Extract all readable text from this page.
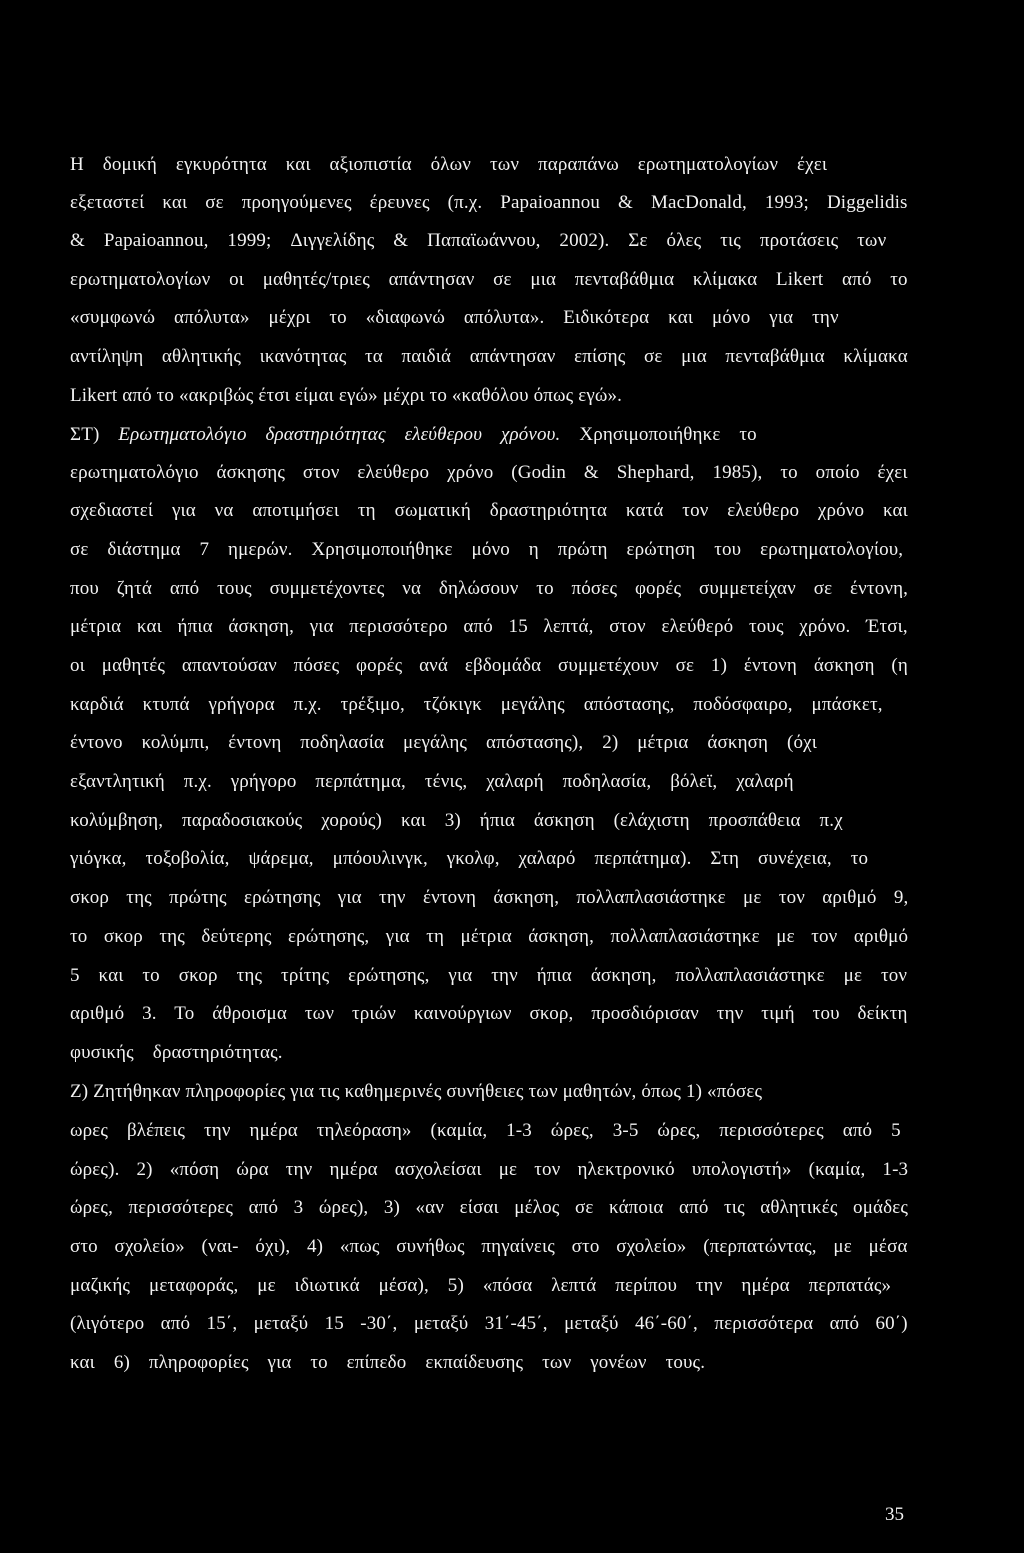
Η δομική εγκυρότητα και αξιοπιστία όλων των παραπάνω ερωτηματολογίων έχει
εξεταστεί και σε προηγούμενες έρευνες (π.χ. Papaioannou & MacDonald, 1993; Diggelidis
& Papaioannou, 1999; Διγγελίδης & Παπαϊωάννου, 2002). Σε όλες τις προτάσεις των
ερωτηματολογίων οι μαθητές/τριες απάντησαν σε μια πενταβάθμια κλίμακα Likert από το
«συμφωνώ απόλυτα» μέχρι το «διαφωνώ απόλυτα». Ειδικότερα και μόνο για την
αντίληψη αθλητικής ικανότητας τα παιδιά απάντησαν επίσης σε μια πενταβάθμια κλίμακα
Likert από το «ακριβώς έτσι είμαι εγώ» μέχρι το «καθόλου όπως εγώ».
ΣΤ) Ερωτηματολόγιο δραστηριότητας ελεύθερου χρόνου. Χρησιμοποιήθηκε το
ερωτηματολόγιο άσκησης στον ελεύθερο χρόνο (Godin & Shephard, 1985), το οποίο έχει
σχεδιαστεί για να αποτιμήσει τη σωματική δραστηριότητα κατά τον ελεύθερο χρόνο και
σε διάστημα 7 ημερών. Χρησιμοποιήθηκε μόνο η πρώτη ερώτηση του ερωτηματολογίου,
που ζητά από τους συμμετέχοντες να δηλώσουν το πόσες φορές συμμετείχαν σε έντονη,
μέτρια και ήπια άσκηση, για περισσότερο από 15 λεπτά, στον ελεύθερό τους χρόνο. Έτσι,
οι μαθητές απαντούσαν πόσες φορές ανά εβδομάδα συμμετέχουν σε 1) έντονη άσκηση (η
καρδιά κτυπά γρήγορα π.χ. τρέξιμο, τζόκιγκ μεγάλης απόστασης, ποδόσφαιρο, μπάσκετ,
έντονο κολύμπι, έντονη ποδηλασία μεγάλης απόστασης), 2) μέτρια άσκηση (όχι
εξαντλητική π.χ. γρήγορο περπάτημα, τένις, χαλαρή ποδηλασία, βόλεϊ, χαλαρή
κολύμβηση, παραδοσιακούς χορούς) και 3) ήπια άσκηση (ελάχιστη προσπάθεια π.χ
γιόγκα, τοξοβολία, ψάρεμα, μπόουλινγκ, γκολφ, χαλαρό περπάτημα). Στη συνέχεια, το
σκορ της πρώτης ερώτησης για την έντονη άσκηση, πολλαπλασιάστηκε με τον αριθμό 9,
το σκορ της δεύτερης ερώτησης, για τη μέτρια άσκηση, πολλαπλασιάστηκε με τον αριθμό
5 και το σκορ της τρίτης ερώτησης, για την ήπια άσκηση, πολλαπλασιάστηκε με τον
αριθμό 3. Το άθροισμα των τριών καινούργιων σκορ, προσδιόρισαν την τιμή του δείκτη
φυσικής δραστηριότητας.
Ζ) Ζητήθηκαν πληροφορίες για τις καθημερινές συνήθειες των μαθητών, όπως 1) «πόσες
ωρες βλέπεις την ημέρα τηλεόραση» (καμία, 1-3 ώρες, 3-5 ώρες, περισσότερες από 5
ώρες). 2) «πόση ώρα την ημέρα ασχολείσαι με τον ηλεκτρονικό υπολογιστή» (καμία, 1-3
ώρες, περισσότερες από 3 ώρες), 3) «αν είσαι μέλος σε κάποια από τις αθλητικές ομάδες
στο σχολείο» (ναι- όχι), 4) «πως συνήθως πηγαίνεις στο σχολείο» (περπατώντας, με μέσα
μαζικής μεταφοράς, με ιδιωτικά μέσα), 5) «πόσα λεπτά περίπου την ημέρα περπατάς»
(λιγότερο από 15΄, μεταξύ 15 -30΄, μεταξύ 31΄-45΄, μεταξύ 46΄-60΄, περισσότερα από 60΄)
και 6) πληροφορίες για το επίπεδο εκπαίδευσης των γονέων τους.
35
